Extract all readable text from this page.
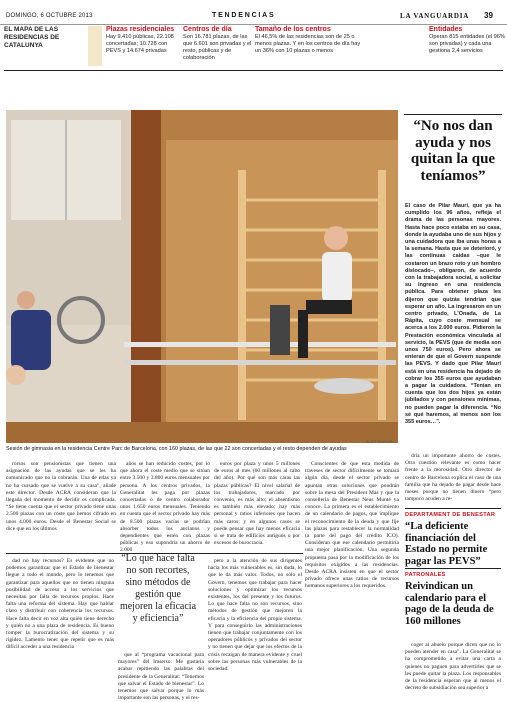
DOMINGO, 6 OCTUBRE 2013	TENDENCIAS	LA VANGUARDIA 39
EL MAPA DE LAS RESIDENCIAS DE CATALUNYA
Plazas residenciales
Hay 9.410 públicas, 22.108 concertadas; 10.728 con PEVS y 14.674 privadas
Centros de día
Son 16.781 plazas, de las que 6.601 son privadas y el resto, públicas y de colaboración
Tamaño de los centros
El 46,5% de las residencias son de 25 o menos plazas. Y en los centros de día hay un 36% con 10 plazas o menos
Entidades
Operan 815 entidades (el 96% son privadas) y cada una gestiona 2,4 servicios
ÁLEX GARCIA
Sesión de gimnasia en la residencia Centre Parc de Barcelona, con 160 plazas, de las que 22 son concertadas y el resto dependen de ayudas
“No nos dan ayuda y nos quitan la que teníamos”
El caso de Pilar Mauri, que ya ha cumplido los 96 años, refleja el drama de las personas mayores. Hasta hace poco estaba en su casa, donde la ayudaba uno de sus hijos y una cuidadora que iba unas horas a la semana. Hasta que se deterioró, y las continuas caídas –que le costaron un brazo roto y un hombro dislocado–, obligaron, de acuerdo con la trabajadora social, a solicitar su ingreso en una residencia pública. Para obtener plaza les dijeron que quizás tendrían que esperar un año. La ingresaron en un centro privado, L'Onada, de La Rápita, cuyo coste mensual se acerca a los 2.000 euros. Pidieron la Prestación económica vinculada al servicio, la PEVS (que de media son unos 750 euros). Pero ahora se enteran de que el Govern suspende las PEVS. Y dado que Pilar Mauri está en una residencia ha dejado de cobrar los 355 euros que ayudaban a pagar la cuidadora. “Tenían en cuenta que los dos hijos ya están jubilados y con pensiones mínimas, no pueden pagar la diferencia. “No sé qué haremos, al menos son los 355 euros…”.

rorsos son pensionistas que tienen una asignación de las ayudas que se les ha comunicado que no la cobrarán. Una de ellas ya no ha cursado que se vuelve a su casa”, añade este director. Desde ACRA consideran que la llegada del momento de decidir es complicada. “Se tiene cuenta que el sector privado tiene unas 2.500 plazas con un coste que hemos cifrado en unos 4.000 euros. Desde el Benestar Social se dice que en los últimos

años se han reducido costes, por lo que ahora el coste medio que se sitúan entre 3.500 y 3.800 euros mensuales por persona. A los centros privados, la Generalitat les paga por plazas concertadas o de centro colaborador unos 1.650 euros mensuales. Teniendo en cuenta que el sector privado hay más de 8.500 plazas vacías se podrían absorber todos los ancianos y dependientes que estén con plazas públicas y eso supondría un ahorro de 2.000

euros por plaza y unos 5 millones de euros al mes (60 millones al cabo del año). Por qué son más caras las plazas públicas? El nivel salarial de los trabajadores, marcado por convenio, es más alto; el absentismo es también más elevado; hay más personal y ratios inferiores que hacen más caros; y en algunos casos se puede pensar que hay menos eficacia si se trata de edificios antiguos o por excesos de burocracia.

Conscientes de que esta medida de traveses de sector difícilmente se tomará algún día, desde el sector privado se apuntan otras soluciones que pondrán sobre la mesa del President Mas y que la conselleria de Benestar Neus Munté ya conoce. La primera es el establecimiento de un calendario de pagos, que implique el reconocimiento de la deuda y que fije las plazas para restablecer la normalidad (a parte del pago del crédito ICO). Consideran que ese calendario permitiría una mejor planificación. Una segunda propuesta pasa por la modificación de los requisitos exigidos a las residencias. Desde ACRA insisten en que el sector privado ofrece unas ratios de recursos humanos superiores a los requeridos.

dría un importante ahorro de costes. Otra cuestión relevante es como hacer frente a la morosidad. Otro director de centro de Barcelona explica el caso de una familia que ha dejado de pagar desde hace meses porque no tienen dinero “pero tampoco acuden a re-

dad no hay recursos? Es evidente que no podemos garantizar que el Estado de bienestar llegue a todo el mundo, pero lo tenemos que garantizar para aquellos que no tienen ninguna posibilidad de acceso a los servicios que necesitan por falta de recursos propios. Hace falta una reforma del sistema. Hay que hablar claro y distribuir con coherencia los recursos. Hace falta decir en voz alta quién tiene derecho y quién no a una plaza de residencia. Es bueno romper la burocratización del sistema y su rigidez. Lamento tener que repetir que es más difícil acceder a una residencia

“Lo que hace falta no son recortes, sino métodos de gestión que mejoren la eficacia y eficiencia”

que al “programa vacacional para mayores” del Imserso. Me gustaría acabar repitiendo las palabras del presidente de la Generalitat: “Tenemos que salvar el Estado de bienestar”. Lo tenemos que salvar porque lo más importante son las personas, y el res-

peto a la atención de sus dirigentes hacia los más vulnerables es, sin duda, lo que le da más valor. Todos, no sólo el Govern, tenemos que trabajar para hacer soluciones y optimizar los recursos existentes, los del presente y los futuros. Lo que hace falta no son recursos, sino métodos de gestión que mejoren la eficacia y la eficiencia del propio sistema. Y para conseguirlo las administraciones tienen que trabajar conjuntamente con los operadores públicos y privados del sector y no tienen que dejar que los efectos de la crisis recaigan de manera evidente y cruel sobre las personas más vulnerables de la sociedad.

DEPARTAMENT DE BENESTAR
“La deficiente financiación del Estado no permite pagar las PEVS”
PATRONALES
Reivindican un calendario para el pago de la deuda de 160 millones

coger al abuelo porque dicen que no lo pueden atender en casa”. La Generalitat se ha comprometido a evitar una carta a quienes no paguen para advertirles que se les puede quitar la plaza. Los responsables de la residencia esperan que al menos el decreto de subsidiación sea superior a
